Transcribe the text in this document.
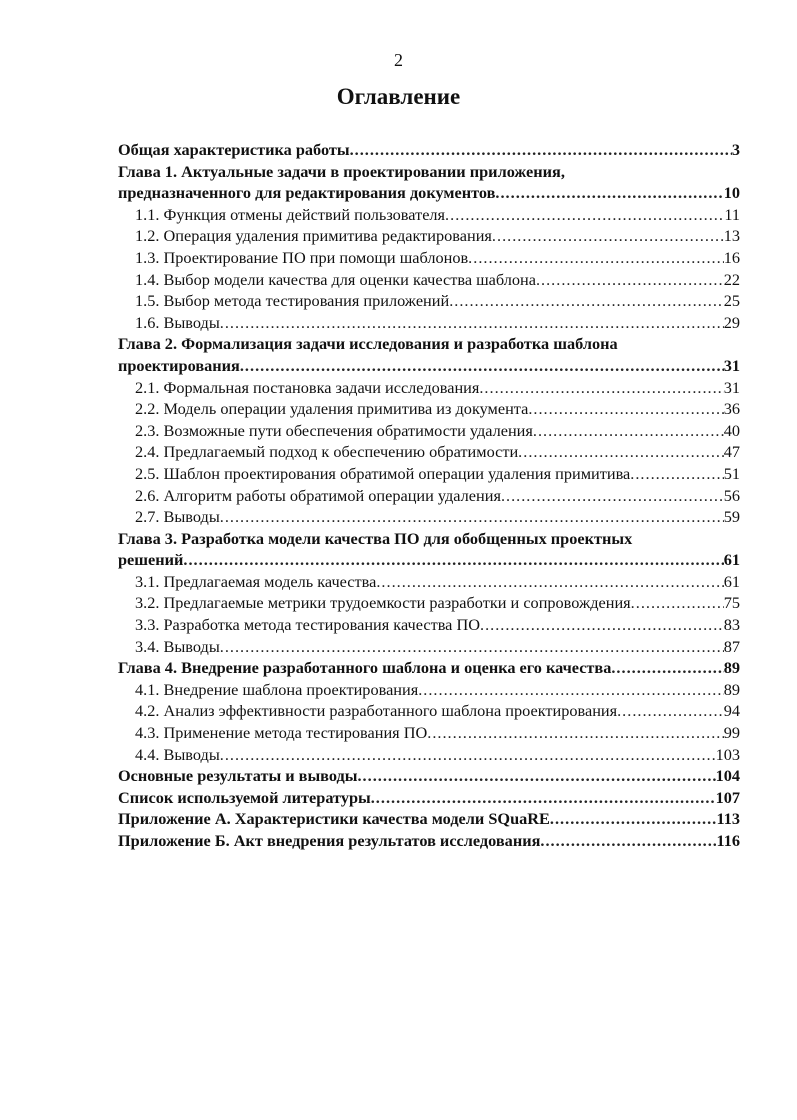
2
Оглавление
Общая характеристика работы .....	3
Глава 1. Актуальные задачи в проектировании приложения,
предназначенного для редактирования документов .....	10
1.1. Функция отмены действий пользователя .....	11
1.2. Операция удаления примитива редактирования .....	13
1.3. Проектирование ПО при помощи шаблонов .....	16
1.4. Выбор модели качества для оценки качества шаблона .....	22
1.5. Выбор метода тестирования приложений .....	25
1.6. Выводы .....	29
Глава 2. Формализация задачи исследования и разработка шаблона
проектирования .....	31
2.1. Формальная постановка задачи исследования .....	31
2.2. Модель операции удаления примитива из документа .....	36
2.3. Возможные пути обеспечения обратимости удаления .....	40
2.4. Предлагаемый подход к обеспечению обратимости .....	47
2.5. Шаблон проектирования обратимой операции удаления примитива .....	51
2.6. Алгоритм работы обратимой операции удаления .....	56
2.7. Выводы .....	59
Глава 3. Разработка модели качества ПО для обобщенных проектных
решений .....	61
3.1. Предлагаемая модель качества .....	61
3.2. Предлагаемые метрики трудоемкости разработки и сопровождения .....	75
3.3. Разработка метода тестирования качества ПО .....	83
3.4. Выводы .....	87
Глава 4. Внедрение разработанного шаблона и оценка его качества .....	89
4.1. Внедрение шаблона проектирования .....	89
4.2. Анализ эффективности разработанного шаблона проектирования .....	94
4.3. Применение метода тестирования ПО .....	99
4.4. Выводы .....	103
Основные результаты и выводы .....	104
Список используемой литературы .....	107
Приложение А. Характеристики качества модели SQuaRE .....	113
Приложение Б. Акт внедрения результатов исследования .....	116
